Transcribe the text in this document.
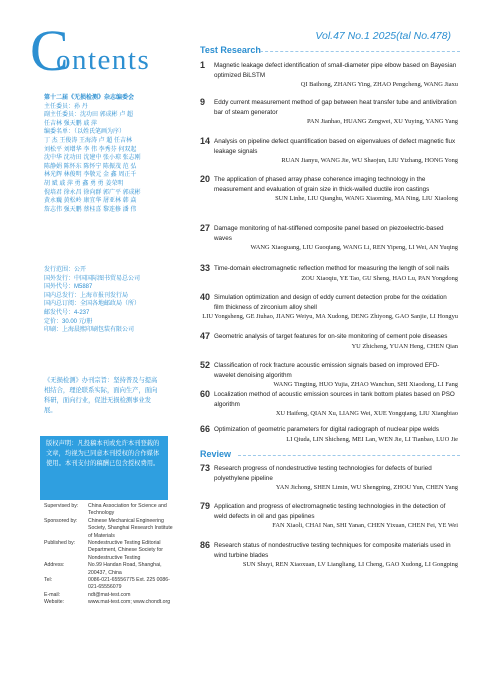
C
ontents
第十二届《无损检测》杂志编委会
主任委员：孙 丹
副主任委员：沈功田 郭成彬 卢 超
任吉林 强天鹏 戚 萍
编委名单：（以姓氏笔画为序）
丁 杰 王俊涛 王海涛 卢 超 任吉林
刘松平 刘增华 李 伟 李秀芬 何双起
沈中华 沈功田 沈建中 张小琼 张志刚
陈静娟 陈怀东 陈怀宁 陈振茂 范 弘
林光辉 林俊明 李敬元 金 鑫 周正千
胡 斌 戚 萍 勇 鑫 勇 勇 姜荣明
倪培君 徐永昌 徐向群 郭广平 郭成彬
黄永巍 黄松岭 康宜华 屠亚林 韩 焱
詹志伟 强天鹏 蔡桂喜 黎连修 潘 伟
发行范围：公开
国外发行：中国国际图书贸易总公司
国外代号：M5887
国内总发行：上海市报刊发行局
国内总订阅：全国各地邮政局（所）
邮发代号：4-237
定价：30.00 元/册
印刷：上海晨熙印刷包装有限公司
《无损检测》办刊宗旨：坚持普及与提高相结合，理论联系实际，面向生产，面向科研，面向行业，促进无损检测事业发展。
版权声明：凡投稿本刊或允许本刊登载的文章，均视为已同意本刊授权的合作媒体使用。本刊支付的稿酬已包含授权费用。
Supervised by:	China Association for Science and Technology
Sponsored by:	Chinese Mechanical Engineering Society, Shanghai Research Institute of Materials
Published by:	Nondestructive Testing Editorial Department, Chinese Society for Nondestructive Testing
Address:	No.99 Handan Road, Shanghai, 200437, China
Tel:	0086-021-65556775 Ext. 225 0086-021-65556079
E-mail:	ndt@mat-test.com
Website:	www.mat-test.com; www.chondt.org
Vol.47 No.1 2025(tal No.478)
Test Research
1	Magnetic leakage defect identification of small-diameter pipe elbow based on Bayesian optimized BiLSTM
QI Baihong, ZHANG Ying, ZHAO Pengcheng, WANG Jiaxu
9	Eddy current measurement method of gap between heat transfer tube and antivibration bar of steam generator
PAN Jianhao, HUANG Zengwei, XU Yuying, YANG Yang
14 Analysis on pipeline defect quantification based on eigenvalues of defect magnetic flux leakage signals
RUAN Jianyu, WANG Jie, WU Shaojun, LIU Yizhang, HONG Yong
20 The application of phased array phase coherence imaging technology in the measurement and evaluation of grain size in thick-walled ductile iron castings
SUN Linhe, LIU Qianghu, WANG Xiaoming, MA Ning, LIU Xiaolong
27 Damage monitoring of hat-stiffened composite panel based on piezoelectric-based waves
WANG Xiaoguang, LIU Guoqiang, WANG Li, REN Yipeng, LI Wei, AN Yuqing
33 Time-domain electromagnetic reflection method for measuring the length of soil nails
ZOU Xiaoqiu, YE Tao, GU Sheng, HAO Lu, PAN Yongdong
40 Simulation optimization and design of eddy current detection probe for the oxidation film thickness of zirconium alloy shell
LIU Yongsheng, GE Jiuhao, JIANG Weiyu, MA Xudong, DENG Zhiyong, GAO Sanjie, LI Hongyu
47 Geometric analysis of target features for on-site monitoring of cement pole diseases
YU Zhicheng, YUAN Heng, CHEN Qian
52 Classification of rock fracture acoustic emission signals based on improved EFD-wavelet denoising algorithm
WANG Tingting, HUO Yujia, ZHAO Wanchun, SHI Xiaodong, LI Fang
60 Localization method of acoustic emission sources in tank bottom plates based on PSO algorithm
XU Haifeng, QIAN Xu, LIANG Wei, XUE Yongqiang, LIU Xiangbiao
66 Optimization of geometric parameters for digital radiograph of nuclear pipe welds
LI Qiuda, LIN Shicheng, MEI Lan, WEN Jie, LI Tianbao, LUO Jie
Review
73 Research progress of nondestructive testing technologies for defects of buried polyethylene pipeline
YAN Jichong, SHEN Limin, WU Shengping, ZHOU Yun, CHEN Yang
79 Application and progress of electromagnetic testing technologies in the detection of weld defects in oil and gas pipelines
FAN Xiaoli, CHAI Nan, SHI Yanan, CHEN Yixuan, CHEN Fei, YE Wei
86 Research status of nondestructive testing techniques for composite materials used in wind turbine blades
SUN Shuyi, REN Xiaoxuan, LV Liangliang, LI Cheng, GAO Xudong, LI Gongping
